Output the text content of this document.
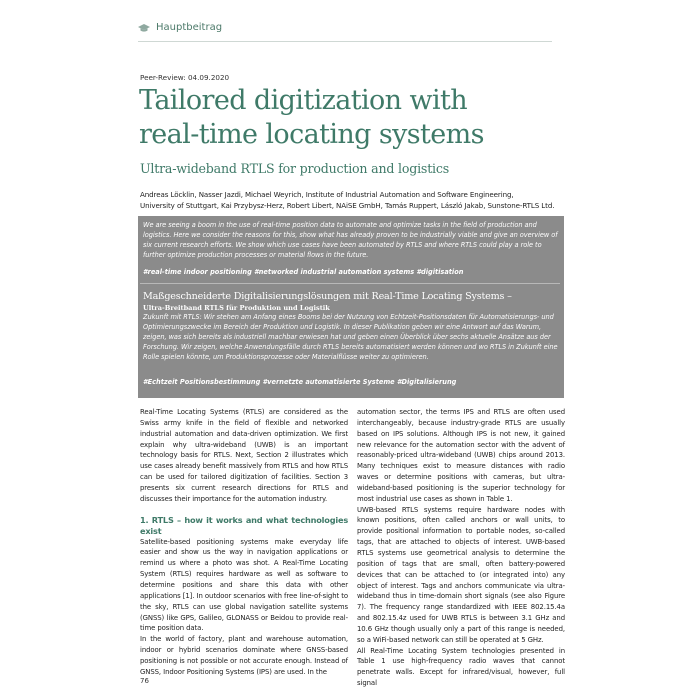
Hauptbeitrag
Peer-Review: 04.09.2020
Tailored digitization with
real-time locating systems
Ultra-wideband RTLS for production and logistics
Andreas Löcklin, Nasser Jazdi, Michael Weyrich, Institute of Industrial Automation and Software Engineering,
University of Stuttgart, Kai Przybysz-Herz, Robert Libert, NAiSE GmbH, Tamás Ruppert, László Jakab, Sunstone-RTLS Ltd.
We are seeing a boom in the use of real-time position data to automate and optimize tasks in the field of production and logistics. Here we consider the reasons for this, show what has already proven to be industrially viable and give an overview of six current research efforts. We show which use cases have been automated by RTLS and where RTLS could play a role to further optimize production processes or material flows in the future.
#real-time indoor positioning #networked industrial automation systems #digitisation
Maßgeschneiderte Digitalisierungslösungen mit Real-Time Locating Systems –
Ultra-Breitband RTLS für Produktion und Logistik
Zukunft mit RTLS: Wir stehen am Anfang eines Booms bei der Nutzung von Echtzeit-Positionsdaten für Automatisierungs- und Optimierungszwecke im Bereich der Produktion und Logistik. In dieser Publikation geben wir eine Antwort auf das Warum, zeigen, was sich bereits als industriell machbar erwiesen hat und geben einen Überblick über sechs aktuelle Ansätze aus der Forschung. Wir zeigen, welche Anwendungsfälle durch RTLS bereits automatisiert werden können und wo RTLS in Zukunft eine Rolle spielen könnte, um Produktionsprozesse oder Materialflüsse weiter zu optimieren.
#Echtzeit Positionsbestimmung #vernetzte automatisierte Systeme #Digitalisierung

Real-Time Locating Systems (RTLS) are considered as the Swiss army knife in the field of flexible and networked industrial automation and data-driven optimization. We first explain why ultra-wideband (UWB) is an important technology basis for RTLS. Next, Section 2 illustrates which use cases already benefit massively from RTLS and how RTLS can be used for tailored digitization of facilities. Section 3 presents six current research directions for RTLS and discusses their importance for the automation industry.

1. RTLS – how it works and what technologies exist

Satellite-based positioning systems make everyday life easier and show us the way in navigation applications or remind us where a photo was shot. A Real-Time Locating System (RTLS) requires hardware as well as software to determine positions and share this data with other applications [1]. In outdoor scenarios with free line-of-sight to the sky, RTLS can use global navigation satellite systems (GNSS) like GPS, Galileo, GLONASS or Beidou to provide real-time position data.

In the world of factory, plant and warehouse automation, indoor or hybrid scenarios dominate where GNSS-based positioning is not possible or not accurate enough. Instead of GNSS, Indoor Positioning Systems (IPS) are used. In the

automation sector, the terms IPS and RTLS are often used interchangeably, because industry-grade RTLS are usually based on IPS solutions. Although IPS is not new, it gained new relevance for the automation sector with the advent of reasonably-priced ultra-wideband (UWB) chips around 2013. Many techniques exist to measure distances with radio waves or determine positions with cameras, but ultra-wideband-based positioning is the superior technology for most industrial use cases as shown in Table 1.

UWB-based RTLS systems require hardware nodes with known positions, often called anchors or wall units, to provide positional information to portable nodes, so-called tags, that are attached to objects of interest. UWB-based RTLS systems use geometrical analysis to determine the position of tags that are small, often battery-powered devices that can be attached to (or integrated into) any object of interest. Tags and anchors communicate via ultra-wideband thus in time-domain short signals (see also Figure 7). The frequency range standardized with IEEE 802.15.4a and 802.15.4z used for UWB RTLS is between 3.1 GHz and 10.6 GHz though usually only a part of this range is needed, so a WiFi-based network can still be operated at 5 GHz.

All Real-Time Locating System technologies presented in Table 1 use high-frequency radio waves that cannot penetrate walls. Except for infrared/visual, however, full signal

76
